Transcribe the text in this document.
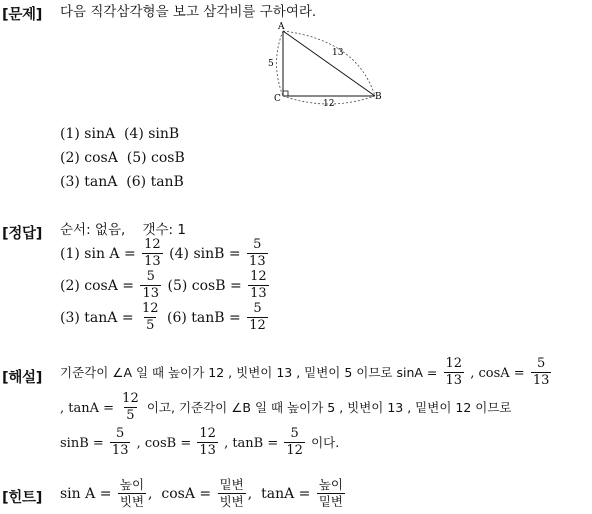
[문제] 다음 직각삼각형을 보고 삼각비를 구하여라.
A
C	B
5
13
12
(1) sinA  (4) sinB
(2) cosA  (5) cosB
(3) tanA  (6) tanB
[정답] 순서: 없음,    갯수: 1
(1) $\sin A = \frac{12}{13} (4) \sin B = \frac{5}{13}$
(2) $\cos A = \frac{5}{13} (5) \cos B = \frac{12}{13}$
(3) $\tan A = \frac{12}{5} (6) \tan B = \frac{5}{12}$
[해설] 기준각이 ∠A 일 때 높이가 12 , 빗변이 13 , 밑변이 5 이므로 $\sin A = \frac{12}{13}$ , $\cos A = \frac{5}{13}$
, $\tan A = \frac{12}{5}$ 이고, 기준각이 ∠B 일 때 높이가 5 , 빗변이 13 , 밑변이 12 이므로
$\sin B = \frac{5}{13}$ , $\cos B = \frac{12}{13}$ , $\tan B = \frac{5}{12}$ 이다.
[힌트] $\sin A = \frac{\text{높이}}{\text{빗변}}$ ,  $\cos A = \frac{\text{밑변}}{\text{빗변}}$ ,  $\tan A = \frac{\text{높이}}{\text{밑변}}$
